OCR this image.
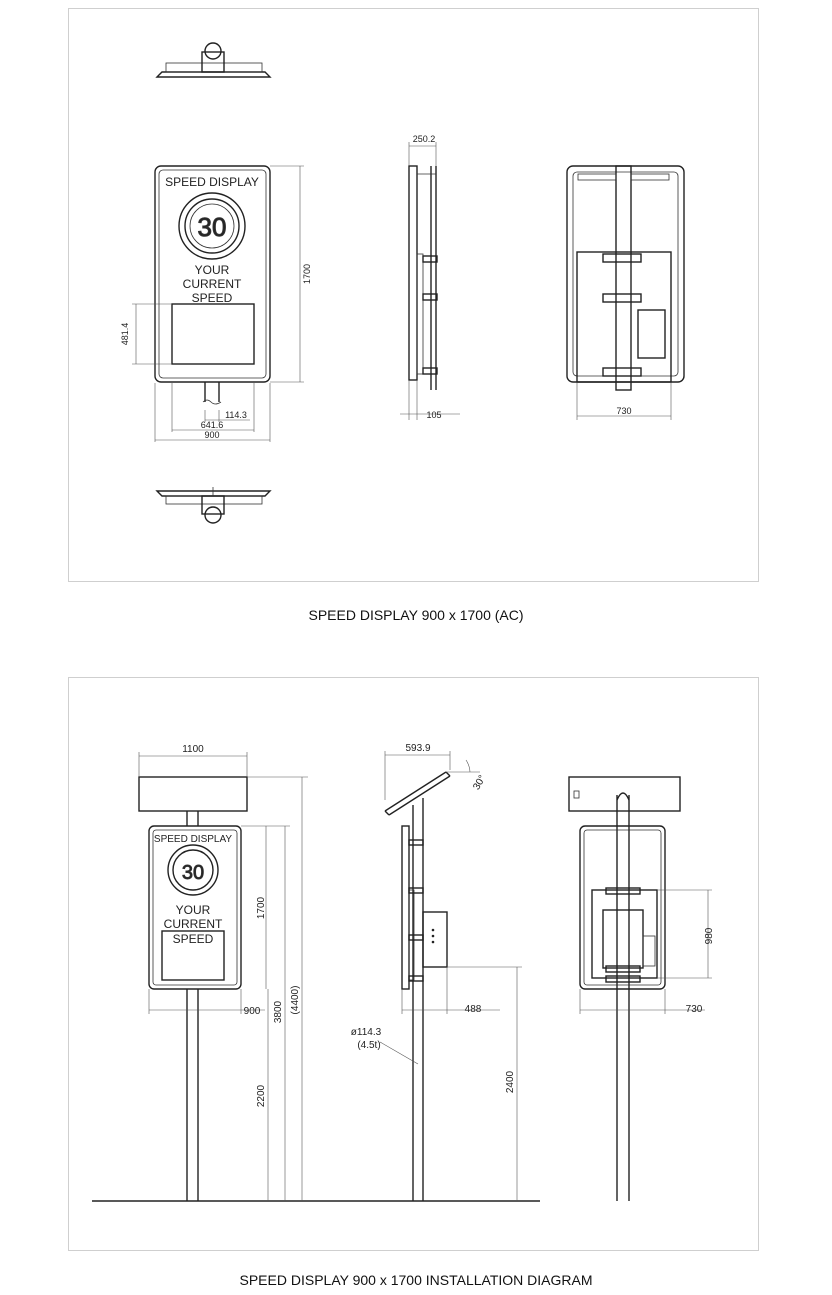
SPEED DISPLAY 900 x 1700 (AC)
SPEED DISPLAY 900 x 1700 INSTALLATION DIAGRAM
SPEED DISPLAY
30
YOUR
CURRENT
SPEED
1700
481.4
114.3
641.6
900
250.2
105	730
SPEED DISPLAY
30
YOUR
CURRENT
SPEED
1100
900
1700
2200
3800 (4400)
593.9
30°
488
2400
ø114.3
(4.5t)
980
730
